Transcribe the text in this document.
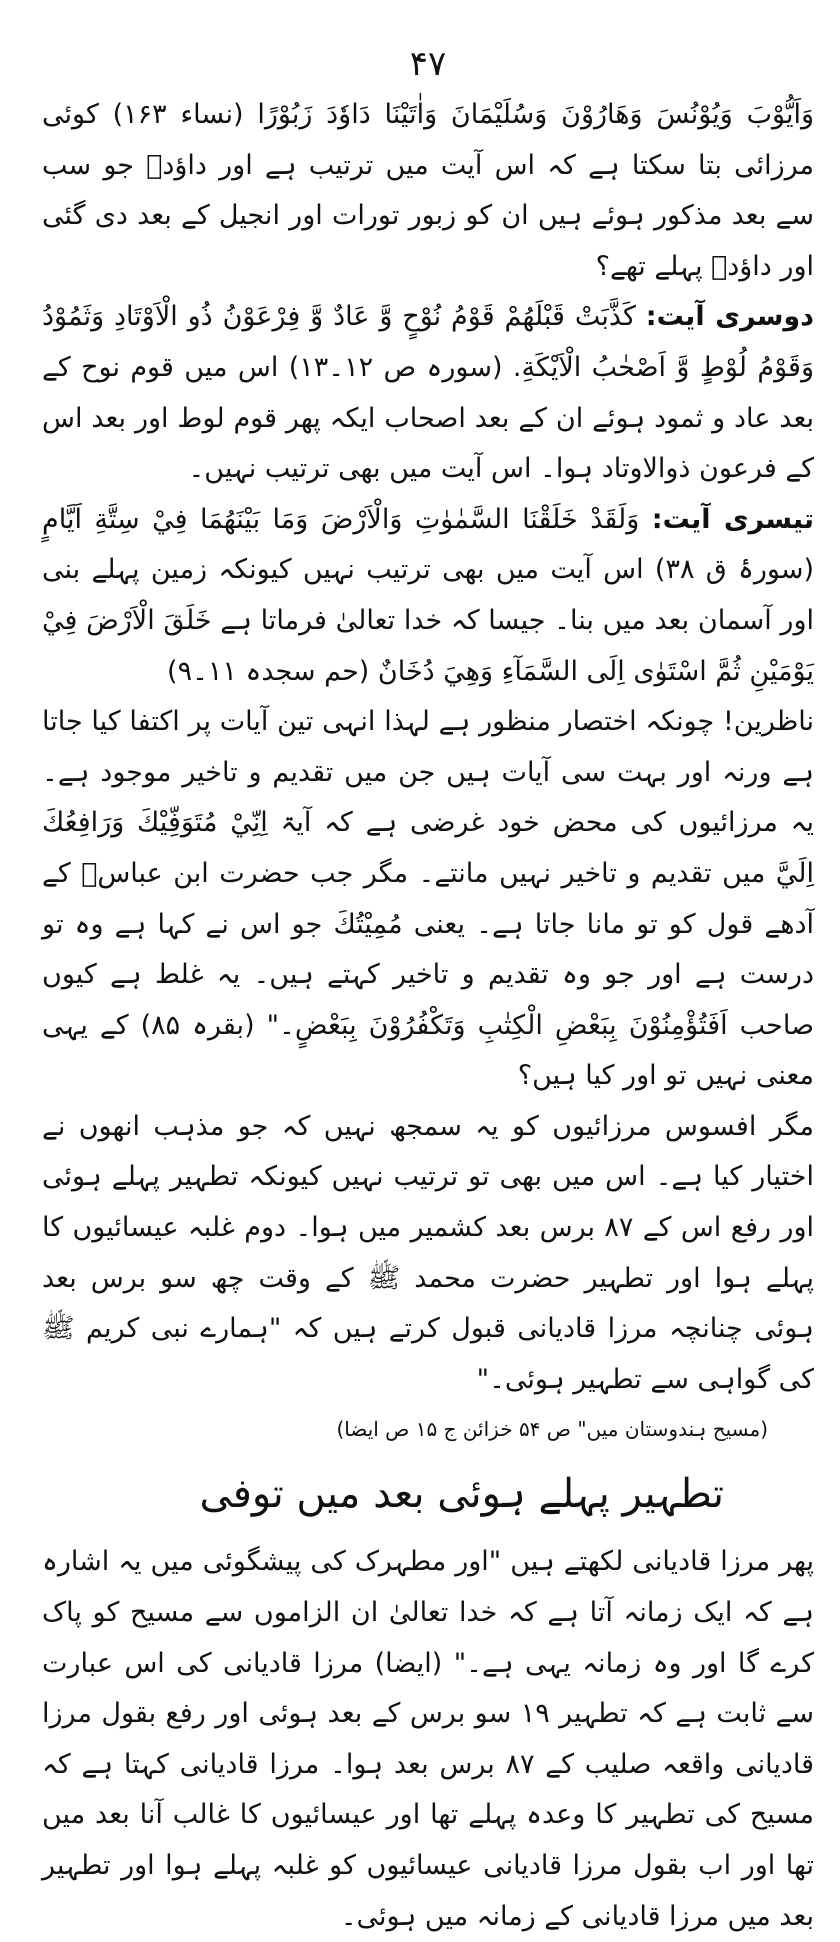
۴۷

وَاَيُّوْبَ وَيُوْنُسَ وَهَارُوْنَ وَسُلَيْمَانَ وَاٰتَيْنَا دَاوٗدَ زَبُوْرًا (نساء ۱۶۳) کوئی مرزائی بتا سکتا ہے کہ اس آیت میں ترتیب ہے اور داؤدؑ جو سب سے بعد مذکور ہوئے ہیں ان کو زبور تورات اور انجیل کے بعد دی گئی اور داؤدؑ پہلے تھے؟

دوسری آیت: كَذَّبَتْ قَبْلَهُمْ قَوْمُ نُوْحٍ وَّ عَادٌ وَّ فِرْعَوْنُ ذُو الْاَوْتَادِ وَثَمُوْدُ وَقَوْمُ لُوْطٍ وَّ اَصْحٰبُ الْاَيْكَةِ. (سورہ ص ۱۲۔۱۳) اس میں قوم نوح کے بعد عاد و ثمود ہوئے ان کے بعد اصحاب ایکہ پھر قوم لوط اور بعد اس کے فرعون ذوالاوتاد ہوا۔ اس آیت میں بھی ترتیب نہیں۔

تیسری آیت: وَلَقَدْ خَلَقْنَا السَّمٰوٰتِ وَالْاَرْضَ وَمَا بَيْنَهُمَا فِيْ سِتَّةِ اَيَّامٍ (سورۂ ق ۳۸) اس آیت میں بھی ترتیب نہیں کیونکہ زمین پہلے بنی اور آسمان بعد میں بنا۔ جیسا کہ خدا تعالیٰ فرماتا ہے خَلَقَ الْاَرْضَ فِيْ يَوْمَيْنِ ثُمَّ اسْتَوٰى اِلَى السَّمَآءِ وَهِيَ دُخَانٌ (حم سجدہ ۱۱۔۹)

ناظرین! چونکہ اختصار منظور ہے لہذا انہی تین آیات پر اکتفا کیا جاتا ہے ورنہ اور بہت سی آیات ہیں جن میں تقدیم و تاخیر موجود ہے۔ یہ مرزائیوں کی محض خود غرضی ہے کہ آیۃ اِنِّيْ مُتَوَفِّيْكَ وَرَافِعُكَ اِلَيَّ میں تقدیم و تاخیر نہیں مانتے۔ مگر جب حضرت ابن عباسؓ کے آدھے قول کو تو مانا جاتا ہے۔ یعنی مُمِيْتُكَ جو اس نے کہا ہے وہ تو درست ہے اور جو وہ تقدیم و تاخیر کہتے ہیں۔ یہ غلط ہے کیوں صاحب اَفَتُؤْمِنُوْنَ بِبَعْضِ الْكِتٰبِ وَتَكْفُرُوْنَ بِبَعْضٍ۔" (بقرہ ۸۵) کے یہی معنی نہیں تو اور کیا ہیں؟

مگر افسوس مرزائیوں کو یہ سمجھ نہیں کہ جو مذہب انھوں نے اختیار کیا ہے۔ اس میں بھی تو ترتیب نہیں کیونکہ تطہیر پہلے ہوئی اور رفع اس کے ۸۷ برس بعد کشمیر میں ہوا۔ دوم غلبہ عیسائیوں کا پہلے ہوا اور تطہیر حضرت محمد ﷺ کے وقت چھ سو برس بعد ہوئی چنانچہ مرزا قادیانی قبول کرتے ہیں کہ "ہمارے نبی کریم ﷺ کی گواہی سے تطہیر ہوئی۔"

(مسیح ہندوستان میں" ص ۵۴ خزائن ج ۱۵ ص ایضا)
تطہیر پہلے ہوئی بعد میں توفی

پھر مرزا قادیانی لکھتے ہیں "اور مطہرک کی پیشگوئی میں یہ اشارہ ہے کہ ایک زمانہ آتا ہے کہ خدا تعالیٰ ان الزاموں سے مسیح کو پاک کرے گا اور وہ زمانہ یہی ہے۔" (ایضا) مرزا قادیانی کی اس عبارت سے ثابت ہے کہ تطہیر ۱۹ سو برس کے بعد ہوئی اور رفع بقول مرزا قادیانی واقعہ صلیب کے ۸۷ برس بعد ہوا۔ مرزا قادیانی کہتا ہے کہ مسیح کی تطہیر کا وعدہ پہلے تھا اور عیسائیوں کا غالب آنا بعد میں تھا اور اب بقول مرزا قادیانی عیسائیوں کو غلبہ پہلے ہوا اور تطہیر بعد میں مرزا قادیانی کے زمانہ میں ہوئی۔
